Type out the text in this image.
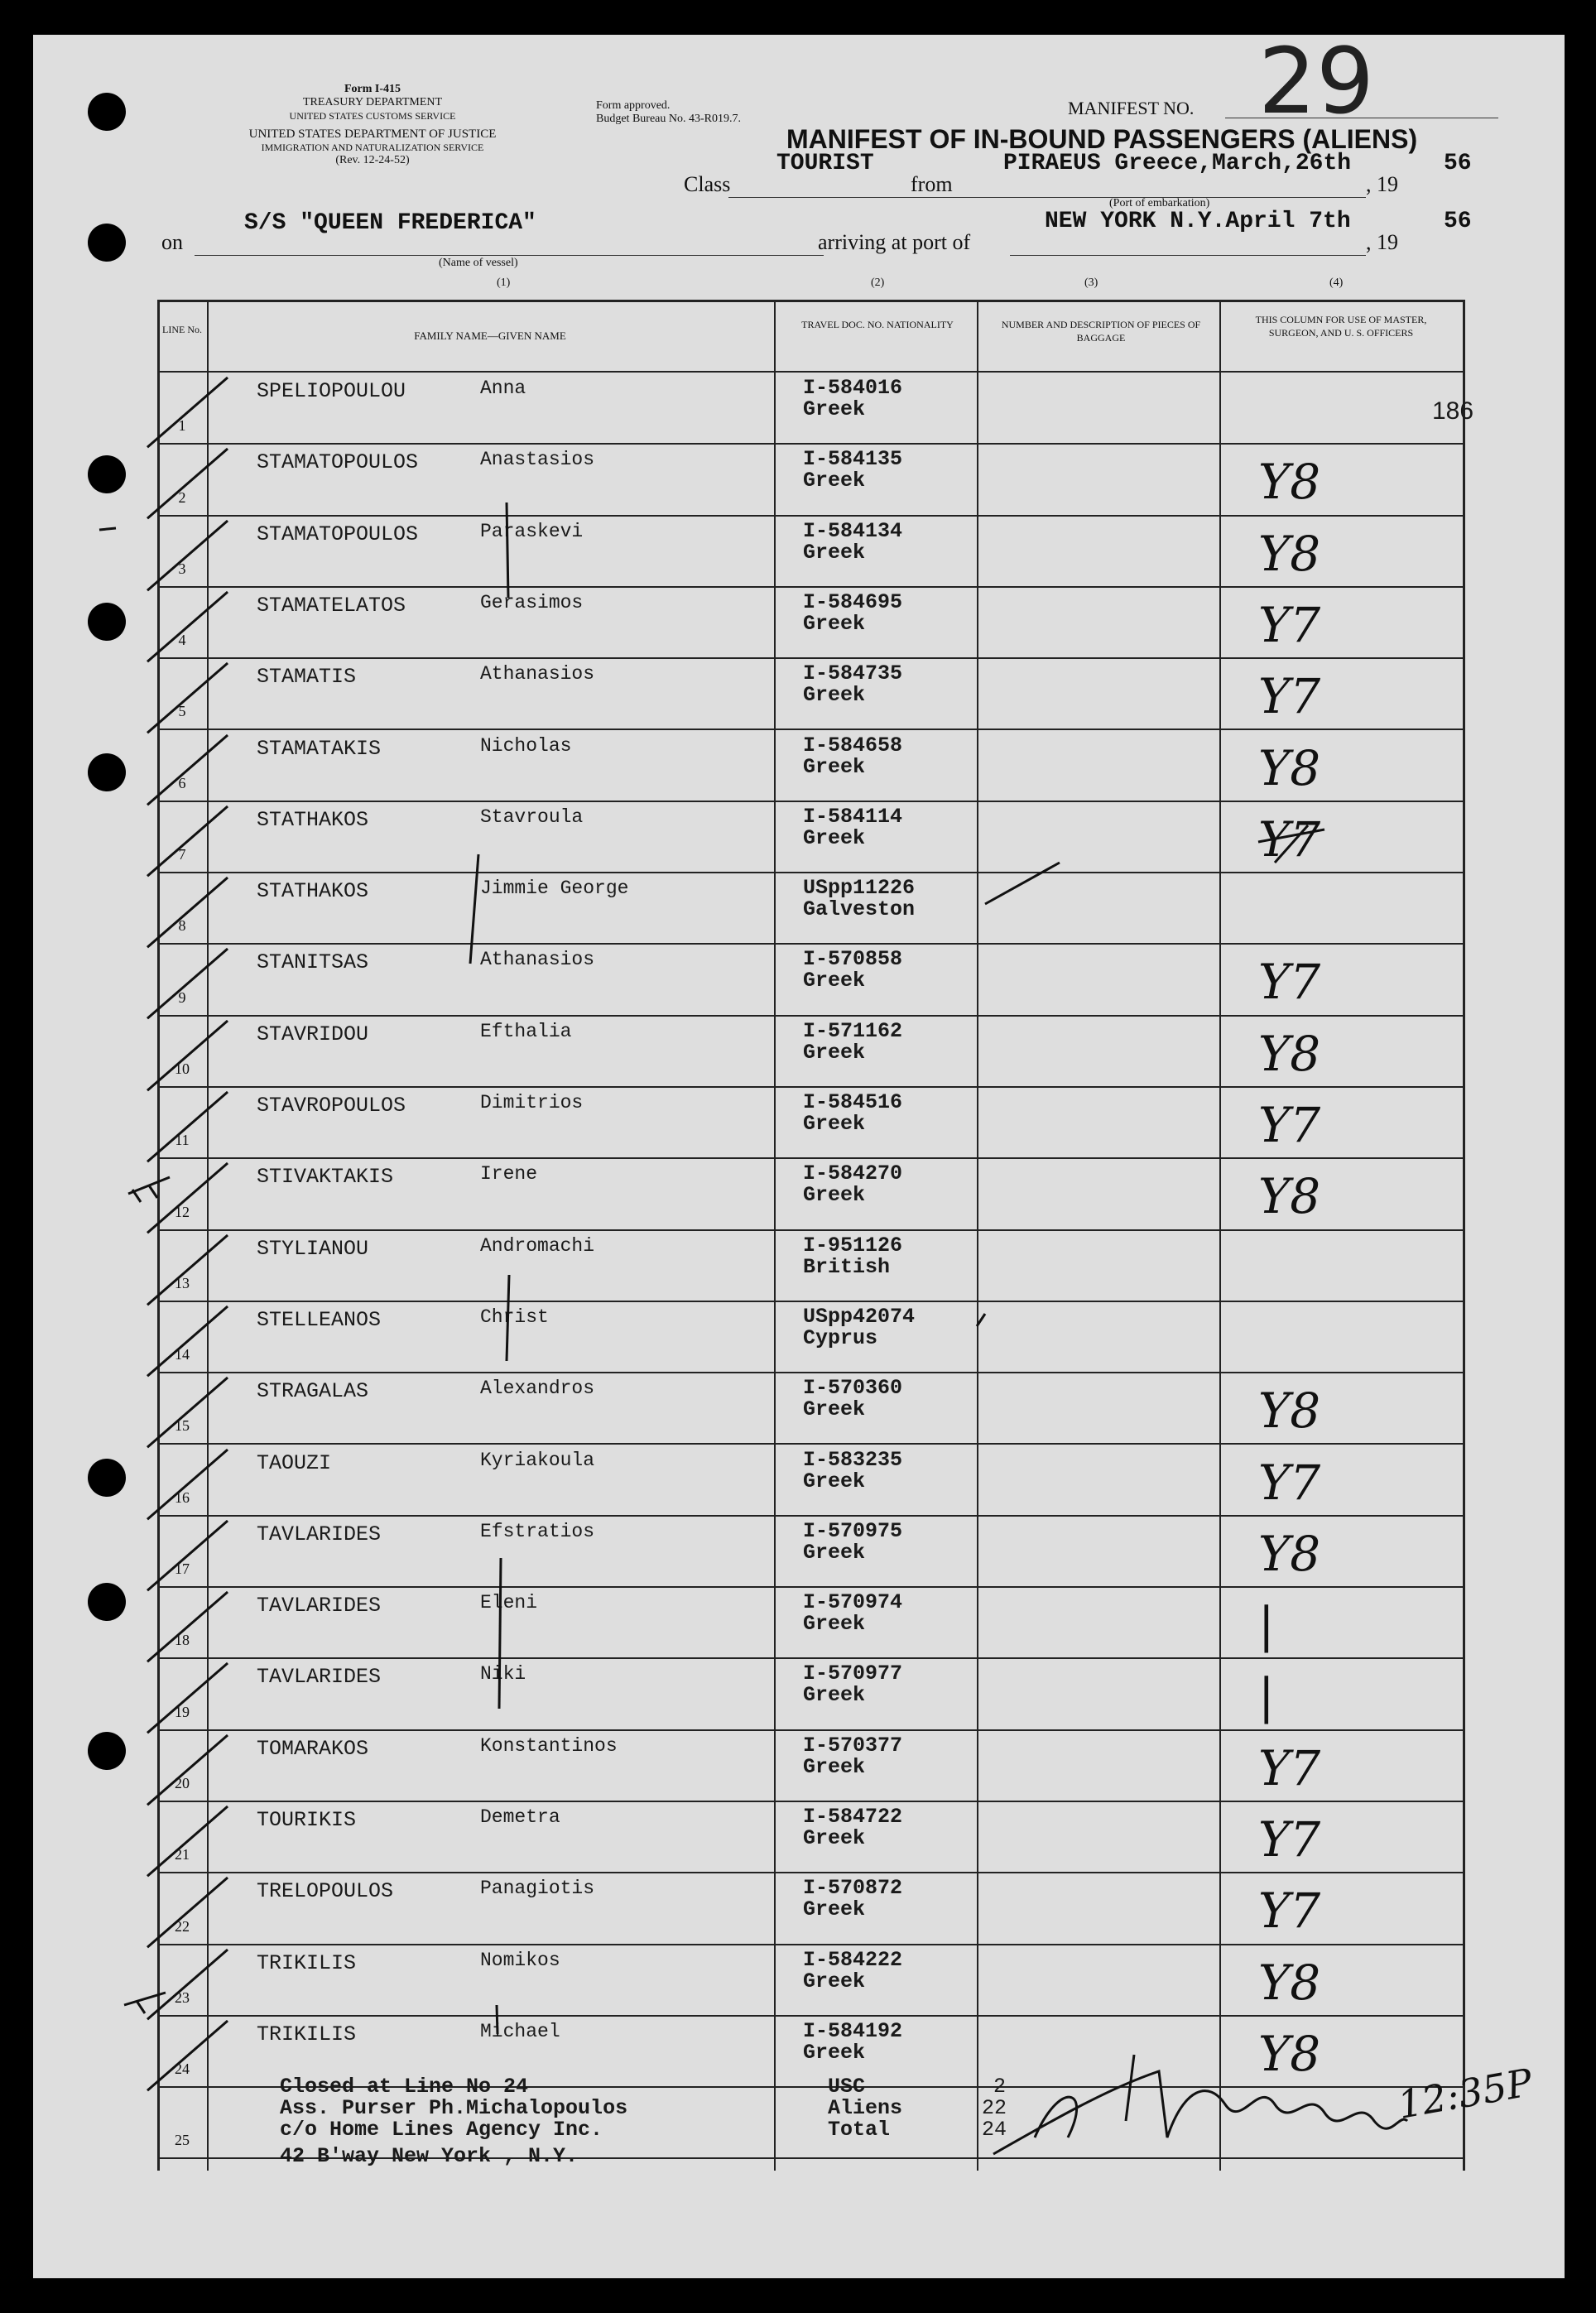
Form I-415
TREASURY DEPARTMENT
UNITED STATES CUSTOMS SERVICE
UNITED STATES DEPARTMENT OF JUSTICE
IMMIGRATION AND NATURALIZATION SERVICE
(Rev. 12-24-52)
Form approved.
Budget Bureau No. 43-R019.7.
MANIFEST NO. 29
MANIFEST OF IN-BOUND PASSENGERS (ALIENS)
Class
TOURIST
from
PIRAEUS Greece,March,26th
, 19
56
(Port of embarkation)
on
S/S "QUEEN FREDERICA"
(Name of vessel)
arriving at port of
NEW YORK N.Y.April 7th
, 19
56
(1)	(2)	(3)	(4)
LINE No.	FAMILY NAME—GIVEN NAME
TRAVEL DOC. NO. NATIONALITY	NUMBER AND DESCRIPTION OF PIECES OF BAGGAGE
THIS COLUMN FOR USE OF MASTER, SURGEON, AND U. S. OFFICERS
1
SPELIOPOULOU	Anna	I-584016
Greek	186
2
STAMATOPOULOS	Anastasios	I-584135
Greek	Y8
3
STAMATOPOULOS	Paraskevi	I-584134
Greek	Y8
4
STAMATELATOS	Gerasimos	I-584695
Greek	Y7
5
STAMATIS	Athanasios	I-584735
Greek	Y7
6
STAMATAKIS	Nicholas	I-584658
Greek	Y8
7
STATHAKOS	Stavroula	I-584114
Greek	Y7
8
STATHAKOS	Jimmie George	USpp11226
Galveston
9
STANITSAS	Athanasios	I-570858
Greek	Y7
10
STAVRIDOU	Efthalia	I-571162
Greek	Y8
11
STAVROPOULOS	Dimitrios	I-584516
Greek	Y7
12
STIVAKTAKIS	Irene	I-584270
Greek	Y8
13
STYLIANOU	Andromachi	I-951126
British
14
STELLEANOS	Christ	USpp42074
Cyprus
15
STRAGALAS	Alexandros	I-570360
Greek	Y8
16
TAOUZI	Kyriakoula	I-583235
Greek	Y7
17
TAVLARIDES	Efstratios	I-570975
Greek	Y8
18
TAVLARIDES	Eleni	I-570974
Greek	|
19
TAVLARIDES	Niki	I-570977
Greek	|
20
TOMARAKOS	Konstantinos	I-570377
Greek	Y7
21
TOURIKIS	Demetra	I-584722
Greek	Y7
22
TRELOPOULOS	Panagiotis	I-570872
Greek	Y7
23
TRIKILIS	Nomikos	I-584222
Greek	Y8
24
TRIKILIS	Michael	I-584192
Greek	Y8
25
Closed at Line No 24
Ass. Purser Ph.Michalopoulos
c/o Home Lines Agency Inc.
42 B'way New York , N.Y.
USC	2
Aliens	22
Total	24
12:35P
